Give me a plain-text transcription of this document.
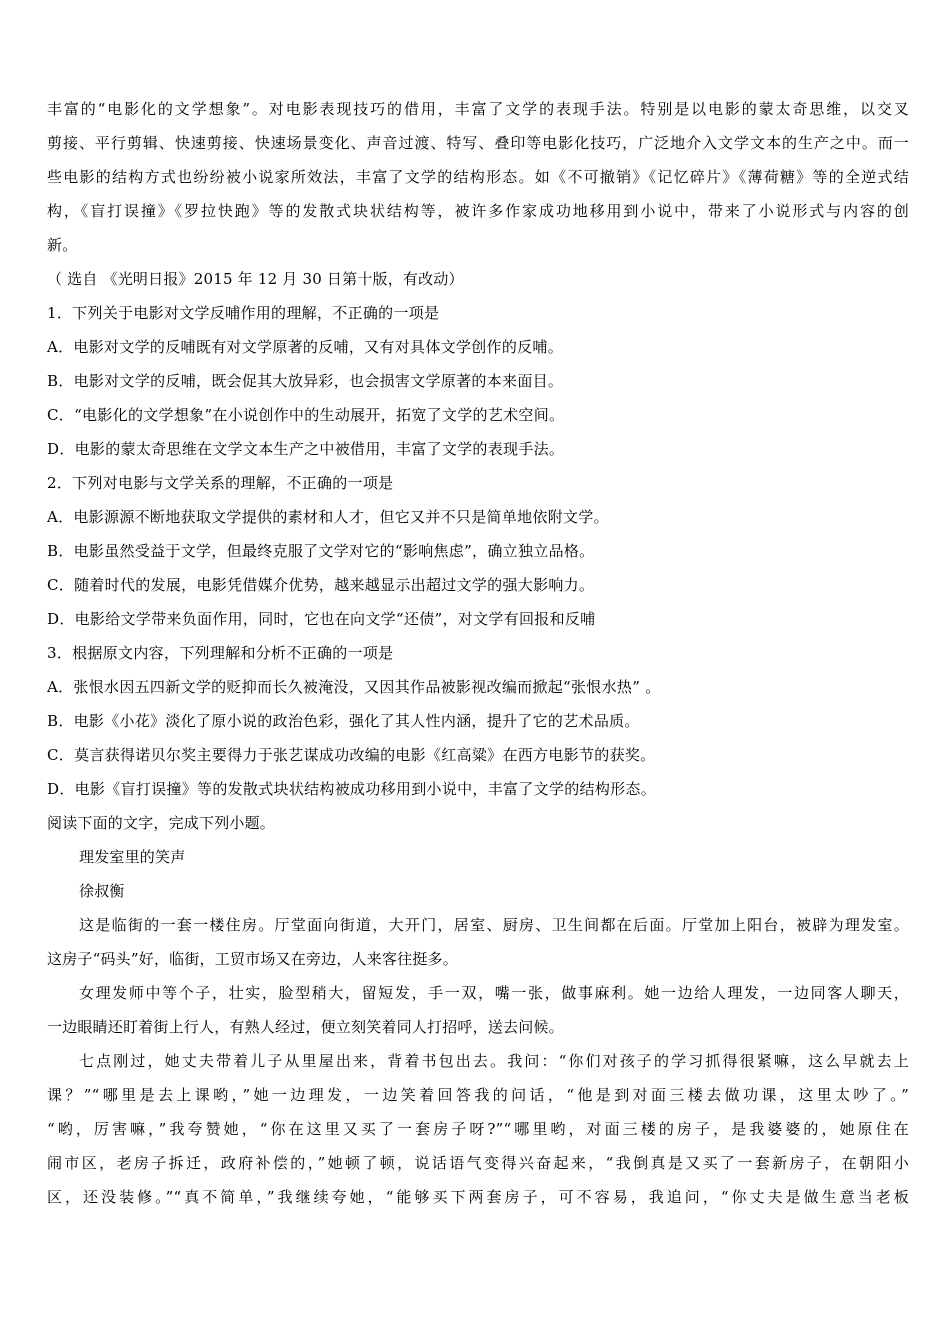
丰富的“电影化的文学想象”。对电影表现技巧的借用，丰富了文学的表现手法。特别是以电影的蒙太奇思维，以交叉
剪接、平行剪辑、快速剪接、快速场景变化、声音过渡、特写、叠印等电影化技巧，广泛地介入文学文本的生产之中。而一
些电影的结构方式也纷纷被小说家所效法，丰富了文学的结构形态。如《不可撤销》《记忆碎片》《薄荷糖》等的全逆式结
构，《盲打误撞》《罗拉快跑》等的发散式块状结构等，被许多作家成功地移用到小说中，带来了小说形式与内容的创
新。
（ 选自 《光明日报》2015 年 12 月 30 日第十版，有改动）
1．下列关于电影对文学反哺作用的理解，不正确的一项是
A．电影对文学的反哺既有对文学原著的反哺，又有对具体文学创作的反哺。
B．电影对文学的反哺，既会促其大放异彩，也会损害文学原著的本来面目。
C．“电影化的文学想象”在小说创作中的生动展开，拓宽了文学的艺术空间。
D．电影的蒙太奇思维在文学文本生产之中被借用，丰富了文学的表现手法。
2．下列对电影与文学关系的理解，不正确的一项是
A．电影源源不断地获取文学提供的素材和人才，但它又并不只是简单地依附文学。
B．电影虽然受益于文学，但最终克服了文学对它的“影响焦虑”，确立独立品格。
C．随着时代的发展，电影凭借媒介优势，越来越显示出超过文学的强大影响力。
D．电影给文学带来负面作用，同时，它也在向文学“还债”，对文学有回报和反哺
3．根据原文内容，下列理解和分析不正确的一项是
A．张恨水因五四新文学的贬抑而长久被淹没，又因其作品被影视改编而掀起“张恨水热” 。
B．电影《小花》淡化了原小说的政治色彩，强化了其人性内涵，提升了它的艺术品质。
C．莫言获得诺贝尔奖主要得力于张艺谋成功改编的电影《红高粱》在西方电影节的获奖。
D．电影《盲打误撞》等的发散式块状结构被成功移用到小说中，丰富了文学的结构形态。
阅读下面的文字，完成下列小题。
理发室里的笑声
徐叔衡
这是临街的一套一楼住房。厅堂面向街道，大开门，居室、厨房、卫生间都在后面。厅堂加上阳台，被辟为理发室。
这房子“码头”好，临街，工贸市场又在旁边，人来客往挺多。
女理发师中等个子，壮实，脸型稍大，留短发，手一双，嘴一张，做事麻利。她一边给人理发，一边同客人聊天，
一边眼睛还盯着街上行人，有熟人经过，便立刻笑着同人打招呼，送去问候。
七点刚过，她丈夫带着儿子从里屋出来，背着书包出去。我问：“你们对孩子的学习抓得很紧嘛，这么早就去上
课？”“哪里是去上课哟，”她一边理发，一边笑着回答我的问话，“他是到对面三楼去做功课，这里太吵了。”
“哟，厉害嘛，”我夸赞她，“你在这里又买了一套房子呀?”“哪里哟，对面三楼的房子，是我婆婆的，她原住在
闹市区，老房子拆迁，政府补偿的，”她顿了顿，说话语气变得兴奋起来，“我倒真是又买了一套新房子，在朝阳小
区，还没装修。”“真不简单，”我继续夸她，“能够买下两套房子，可不容易，我追问，“你丈夫是做生意当老板
